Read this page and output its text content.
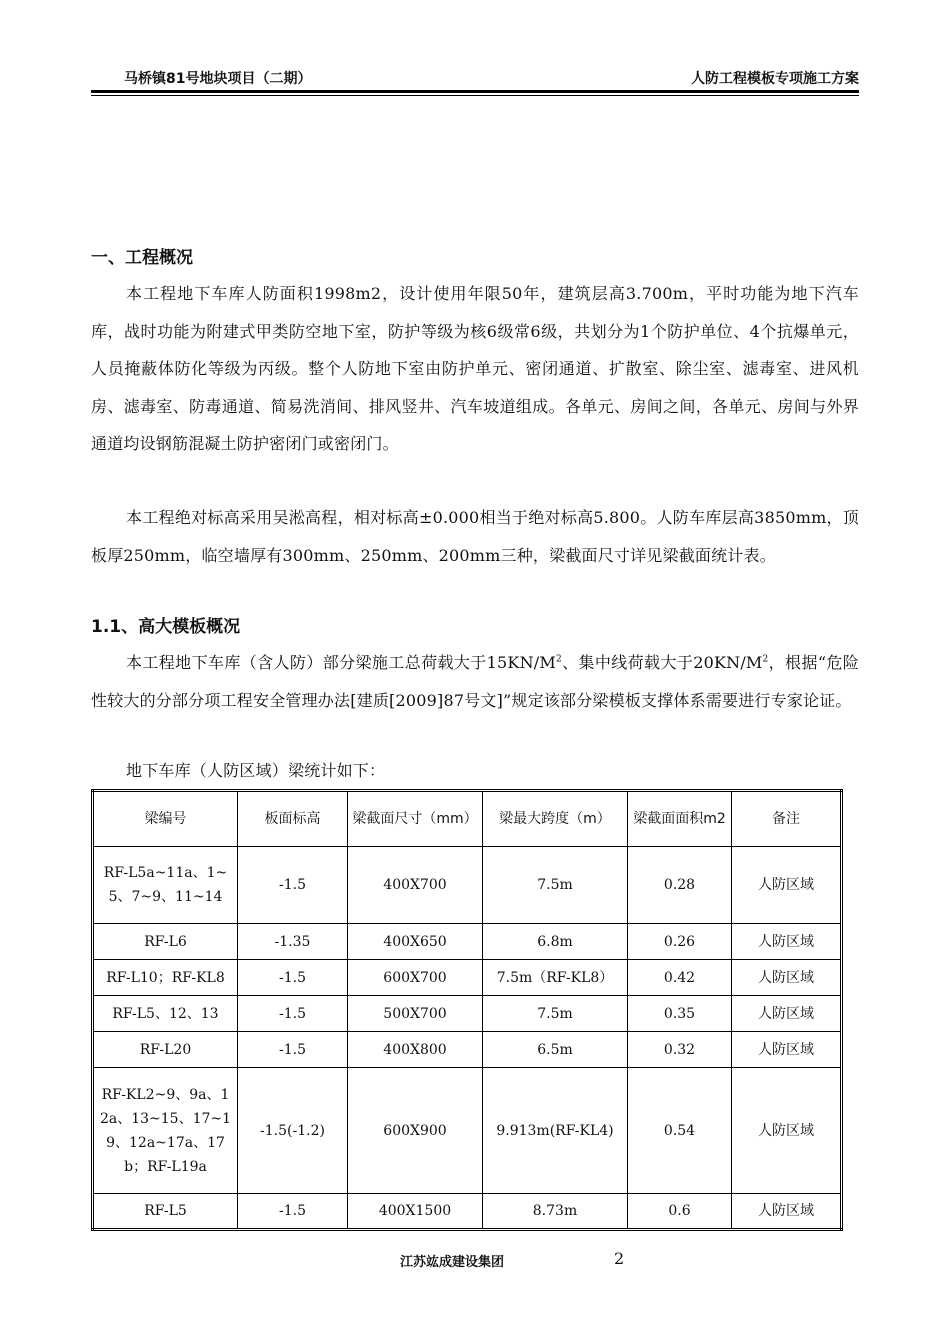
马桥镇81号地块项目（二期）	人防工程模板专项施工方案
一、工程概况
本工程地下车库人防面积1998m2，设计使用年限50年，建筑层高3.700m，平时功能为地下汽车库，战时功能为附建式甲类防空地下室，防护等级为核6级常6级，共划分为1个防护单位、4个抗爆单元，人员掩蔽体防化等级为丙级。整个人防地下室由防护单元、密闭通道、扩散室、除尘室、滤毒室、进风机房、滤毒室、防毒通道、简易洗消间、排风竖井、汽车坡道组成。各单元、房间之间，各单元、房间与外界通道均设钢筋混凝土防护密闭门或密闭门。
本工程绝对标高采用吴淞高程，相对标高±0.000相当于绝对标高5.800。人防车库层高3850mm，顶板厚250mm，临空墙厚有300mm、250mm、200mm三种，梁截面尺寸详见梁截面统计表。
1.1、高大模板概况
本工程地下车库（含人防）部分梁施工总荷载大于$15KN/M^2$、集中线荷载大于$20KN/M^2$，根据“危险性较大的分部分项工程安全管理办法[建质[2009]87号文]”规定该部分梁模板支撑体系需要进行专家论证。
地下车库（人防区域）梁统计如下：
梁编号	板面标高	梁截面尺寸（mm）	梁最大跨度（m）	梁截面面积m2	备注
RF-L5a~11a、1~5、7~9、11~14	-1.5	400X700	7.5m	0.28	人防区域
RF-L6	-1.35	400X650	6.8m	0.26	人防区域
RF-L10；RF-KL8	-1.5	600X700	7.5m（RF-KL8）	0.42	人防区域
RF-L5、12、13	-1.5	500X700	7.5m	0.35	人防区域
RF-L20	-1.5	400X800	6.5m	0.32	人防区域
RF-KL2~9、9a、12a、13~15、17~19、12a~17a、17b；RF-L19a	-1.5(-1.2)	600X900	9.913m(RF-KL4)	0.54	人防区域
RF-L5	-1.5	400X1500	8.73m	0.6	人防区域
江苏竑成建设集团	2
